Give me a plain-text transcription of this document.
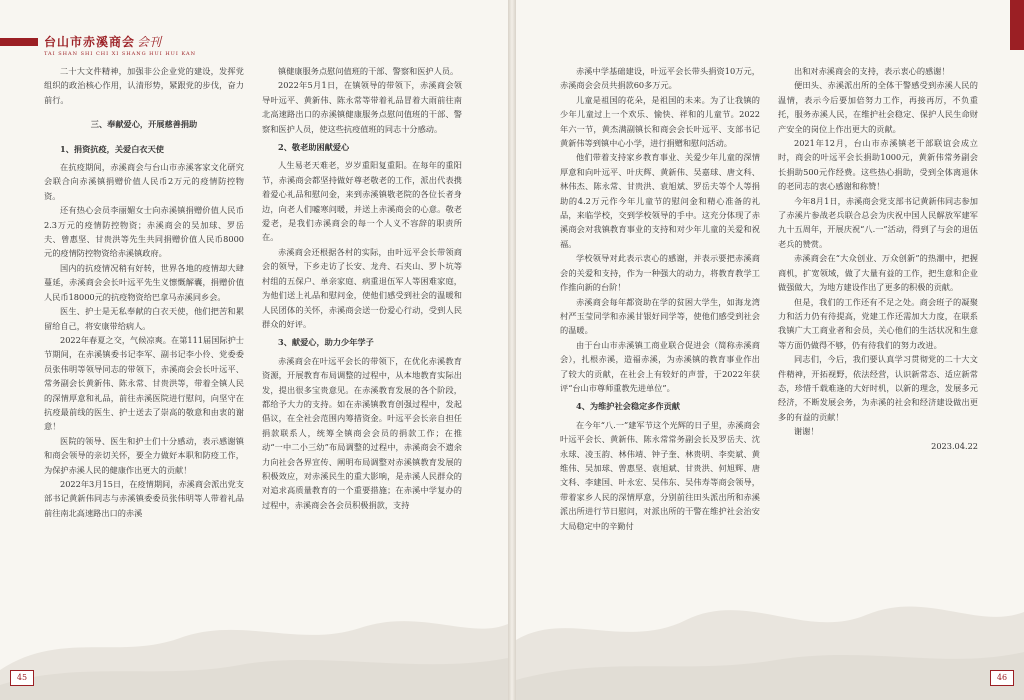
台山市赤溪商会 会刊
TAI SHAN SHI CHI XI SHANG HUI HUI KAN

二十大文件精神，加强非公企业党的建设，发挥党组织的政治核心作用，认清形势，紧跟党的步伐，奋力前行。

三、奉献爱心，开展慈善捐助

1、捐资抗疫，关爱白衣天使

在抗疫期间，赤溪商会与台山市赤溪客家文化研究会联合向赤溪镇捐赠价值人民币2万元的疫情防控物资。

还有热心会员李丽媚女士向赤溪镇捐赠价值人民币2.3万元的疫情防控物资；赤溪商会的吴加球、罗岳夫、曾惠坚、甘贵洪等先生共同捐赠价值人民币8000元的疫情防控物资给赤溪镇政府。

国内的抗疫情况稍有好转，世界各地的疫情却大肆蔓延，赤溪商会会长叶远平先生义懔慨解囊，捐赠价值人民币18000元的抗疫物资给巴拿马赤溪同乡会。

医生、护士是无私奉献的白衣天使，他们把苦和累留给自己，将安康带给病人。

2022年春夏之交，气候凉爽。在第111届国际护士节期间，在赤溪镇委书记李军、副书记李小伶、党委委员张伟明等领导同志的带领下，赤溪商会会长叶远平、常务副会长黄新伟、陈永常、甘贵洪等，带着全镇人民的深情厚意和礼品，前往赤溪医院进行慰问，向坚守在抗疫最前线的医生、护士送去了崇高的敬意和由衷的谢意！

医院的领导、医生和护士们十分感动，表示感谢镇和商会领导的亲切关怀，要全力做好本职和防疫工作，为保护赤溪人民的健康作出更大的贡献！

2022年3月15日，在疫情期间，赤溪商会派出党支部书记黄新伟同志与赤溪镇委委员张伟明等人带着礼品前往南北高速路出口的赤溪

镇健康服务点慰问值班的干部、警察和医护人员。

2022年5月1日，在镇领导的带领下，赤溪商会领导叶远平、黄新伟、陈永常等带着礼品冒着大雨前往南北高速路出口的赤溪镇健康服务点慰问值班的干部、警察和医护人员，使这些抗疫值班的同志十分感动。

2、敬老助困献爱心

人生易老天难老，岁岁重阳复重阳。在每年的重阳节，赤溪商会都坚持做好尊老敬老的工作，派出代表携着爱心礼品和慰问金，来到赤溪镇敬老院的各位长者身边，向老人们嘘寒问暖，并送上赤溪商会的心意。敬老爱老，是我们赤溪商会的每一个人义不容辞的职责所在。

赤溪商会还根据各村的实际，由叶远平会长带领商会的领导，下乡走访了长安、龙舟、石夹山、罗卜坑等村组的五保户、单亲家庭、病重退伍军人等困难家庭，为他们送上礼品和慰问金，使他们感受到社会的温暖和人民团体的关怀，赤溪商会送一份爱心行动，受到人民群众的好评。

3、献爱心，助力少年学子

赤溪商会在叶远平会长的带领下，在优化赤溪教育资源，开展教育布局调整的过程中，从本地教育实际出发，提出很多宝贵意见。在赤溪教育发展的各个阶段，都给予大力的支持。如在赤溪镇教育创强过程中，发起倡议，在全社会范围内筹措资金。叶远平会长亲自担任捐款联系人，统筹全镇商会会员的捐款工作；在推动“一中二小三幼”布局调整的过程中，赤溪商会不遗余力向社会各界宣传、阐明布局调整对赤溪镇教育发展的积极效应，对赤溪民生的重大影响，是赤溪人民群众的对追求高质量教育的一个重要措施；在赤溪中学复办的过程中，赤溪商会各会员积极捐款，支持

45

赤溪中学基础建设，叶远平会长带头捐资10万元，赤溪商会会员共捐款60多万元。

儿童是祖国的花朵，是祖国的未来。为了让我镇的少年儿童过上一个欢乐、愉快、祥和的儿童节。2022年六一节，黄杰满副镇长和商会会长叶远平、支部书记黄新伟等到镇中心小学，进行捐赠和慰问活动。

他们带着支持家乡教育事业、关爱少年儿童的深情厚意和向叶远平、叶庆辉、黄新伟、吴嘉球、唐文科、林伟杰、陈永常、甘贵洪、袁旭斌、罗岳夫等个人等捐助的4.2万元作今年儿童节的慰问金和精心准备的礼品，来临学校，交到学校领导的手中。这充分体现了赤溪商会对我镇教育事业的支持和对少年儿童的关爱和祝福。

学校领导对此表示衷心的感谢，并表示要把赤溪商会的关爱和支持，作为一种强大的动力，将教育教学工作推向新的台阶！

赤溪商会每年都资助在学的贫困大学生，如海龙湾村严玉莹同学和赤溪甘银好同学等，使他们感受到社会的温暖。

由于台山市赤溪镇工商业联合促进会（简称赤溪商会），扎根赤溪，造福赤溪，为赤溪镇的教育事业作出了较大的贡献，在社会上有较好的声誉，于2022年获评“台山市尊师重教先进单位”。

4、为维护社会稳定多作贡献

在今年“八.一”建军节这个光辉的日子里，赤溪商会叶远平会长、黄新伟、陈永常常务副会长及罗岳夫、沈永球、凌玉韵、林伟靖、钟子奎、林贵明、李奕斌、黄维伟、吴加球、曾惠坚、袁旭斌、甘贵洪、何旭辉、唐文科、李建国、叶永宏、吴伟东、吴伟寿等商会领导，带着家乡人民的深情厚意，分别前往田头派出所和赤溪派出所进行节日慰问，对派出所的干警在维护社会治安大局稳定中的辛勤付

出和对赤溪商会的支持，表示衷心的感谢！

便田头、赤溪派出所的全体干警感受到赤溪人民的温情，表示今后要加倍努力工作，再接再厉，不负重托，服务赤溪人民，在维护社会稳定、保护人民生命财产安全的岗位上作出更大的贡献。

2021年12月，台山市赤溪镇老干部联谊会成立时，商会的叶远平会长捐助1000元，黄新伟常务副会长捐助500元作经费。这些热心捐助，受到全体离退休的老同志的衷心感谢和称赞！

今年8月1日，赤溪商会党支部书记黄新伟同志参加了赤溪片参战老兵联合总会为庆祝中国人民解放军建军九十五周年，开展庆祝“八.一”活动，得到了与会的退伍老兵的赞赏。

赤溪商会在“大众创业、万众创新”的热潮中，把握商机，扩宽领域，做了大量有益的工作，把生意和企业做强做大，为地方建设作出了更多的积极的贡献。

但是，我们的工作还有不足之处。商会班子的凝聚力和活力仍有待提高，党建工作还需加大力度，在联系我镇广大工商业者和会员，关心他们的生活状况和生意等方面仍做得不够，仍有待我们的努力改进。

同志们，今后，我们要认真学习贯彻党的二十大文件精神，开拓视野，依法经营，认识新常态、适应新常态，珍惜千载难逢的大好时机，以新的理念，发展多元经济，不断发展会务，为赤溪的社会和经济建设做出更多的有益的贡献！

谢谢！

2023.04.22

46
